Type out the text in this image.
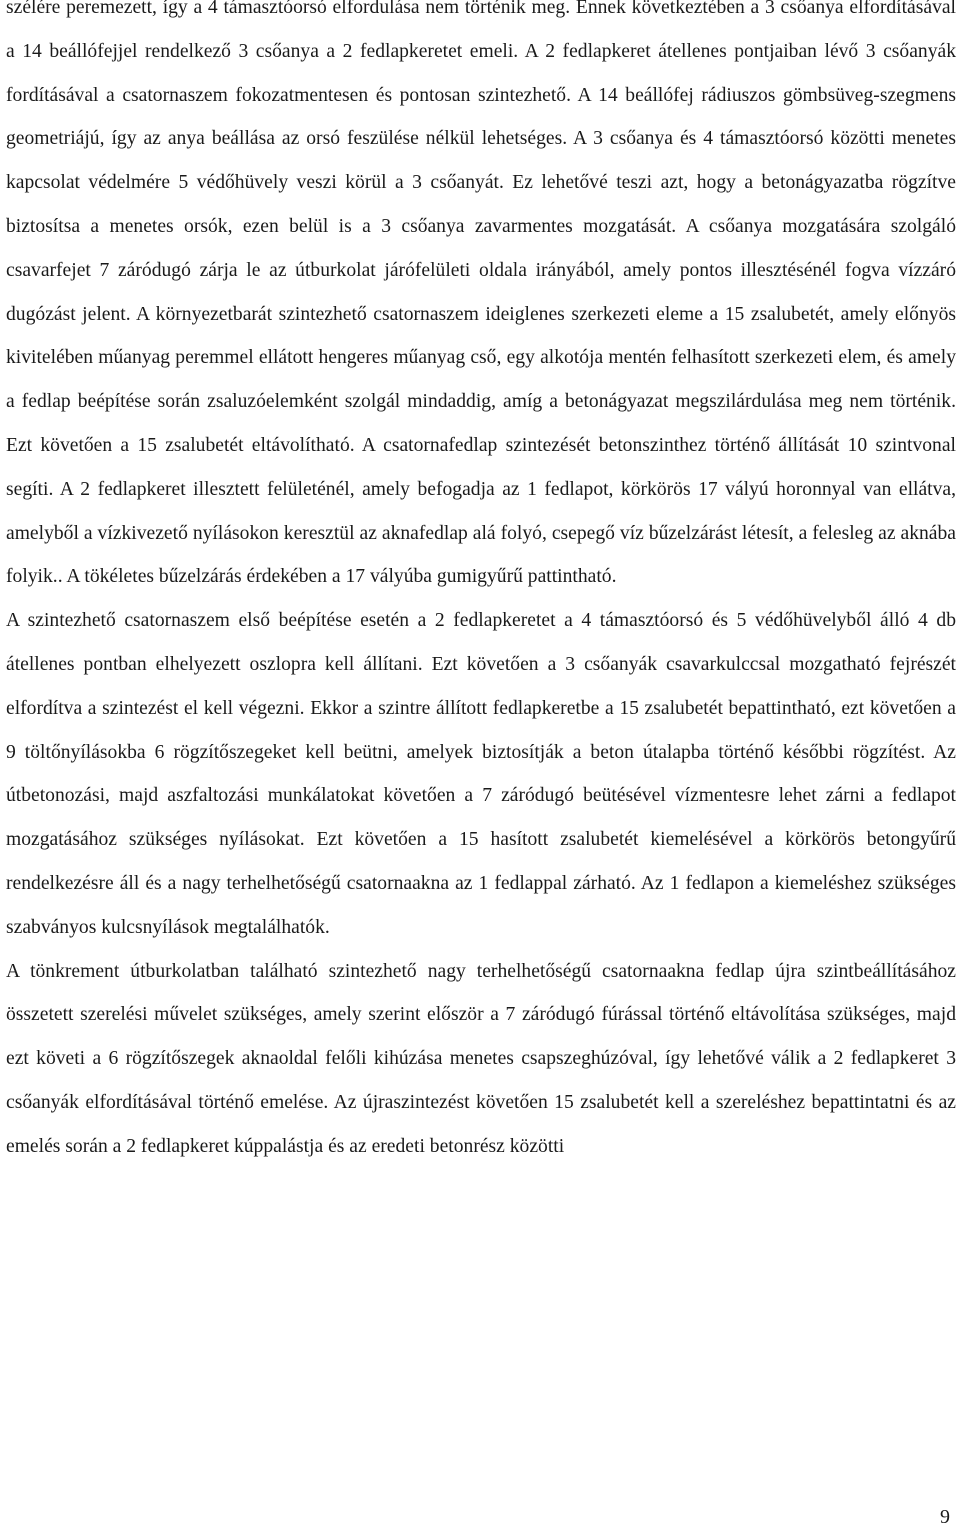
szélére peremezett, így a 4 támasztóorsó elfordulása nem történik meg. Ennek következtében a 3 csőanya elfordításával a 14 beállófejjel rendelkező 3 csőanya a 2 fedlapkeretet emeli. A 2 fedlapkeret átellenes pontjaiban lévő 3 csőanyák fordításával a csatornaszem fokozatmentesen és pontosan szintezhető. A 14 beállófej rádiuszos gömbsüveg-szegmens geometriájú, így az anya beállása az orsó feszülése nélkül lehetséges. A 3 csőanya és 4 támasztóorsó közötti menetes kapcsolat védelmére 5 védőhüvely veszi körül a 3 csőanyát. Ez lehetővé teszi azt, hogy a betonágyazatba rögzítve biztosítsa a menetes orsók, ezen belül is a 3 csőanya zavarmentes mozgatását. A csőanya mozgatására szolgáló csavarfejet 7 záródugó zárja le az útburkolat járófelületi oldala irányából, amely pontos illesztésénél fogva vízzáró dugózást jelent. A környezetbarát szintezhető csatornaszem ideiglenes szerkezeti eleme a 15 zsalubetét, amely előnyös kivitelében műanyag peremmel ellátott hengeres műanyag cső, egy alkotója mentén felhasított szerkezeti elem, és amely a fedlap beépítése során zsaluzóelemként szolgál mindaddig, amíg a betonágyazat megszilárdulása meg nem történik. Ezt követően a 15 zsalubetét eltávolítható. A csatornafedlap szintezését betonszinthez történő állítását 10 szintvonal segíti. A 2 fedlapkeret illesztett felületénél, amely befogadja az 1 fedlapot, körkörös 17 vályú horonnyal van ellátva, amelyből a vízkivezető nyílásokon keresztül az aknafedlap alá folyó, csepegő víz bűzelzárást létesít, a felesleg az aknába folyik.. A tökéletes bűzelzárás érdekében a 17 vályúba gumigyűrű pattintható.

A szintezhető csatornaszem első beépítése esetén a 2 fedlapkeretet a 4 támasztóorsó és 5 védőhüvelyből álló 4 db átellenes pontban elhelyezett oszlopra kell állítani. Ezt követően a 3 csőanyák csavarkulccsal mozgatható fejrészét elfordítva a szintezést el kell végezni. Ekkor a szintre állított fedlapkeretbe a 15 zsalubetét bepattintható, ezt követően a 9 töltőnyílásokba 6 rögzítőszegeket kell beütni, amelyek biztosítják a beton útalapba történő későbbi rögzítést. Az útbetonozási, majd aszfaltozási munkálatokat követően a 7 záródugó beütésével vízmentesre lehet zárni a fedlapot mozgatásához szükséges nyílásokat. Ezt követően a 15 hasított zsalubetét kiemelésével a körkörös betongyűrű rendelkezésre áll és a nagy terhelhetőségű csatornaakna az 1 fedlappal zárható. Az 1 fedlapon a kiemeléshez szükséges szabványos kulcsnyílások megtalálhatók.

A tönkrement útburkolatban található szintezhető nagy terhelhetőségű csatornaakna fedlap újra szintbeállításához összetett szerelési művelet szükséges, amely szerint először a 7 záródugó fúrással történő eltávolítása szükséges, majd ezt követi a 6 rögzítőszegek aknaoldal felőli kihúzása menetes csapszeghúzóval, így lehetővé válik a 2 fedlapkeret 3 csőanyák elfordításával történő emelése. Az újraszintezést követően 15 zsalubetét kell a szereléshez bepattintatni és az emelés során a 2 fedlapkeret kúppalástja és az eredeti betonrész közötti

9
